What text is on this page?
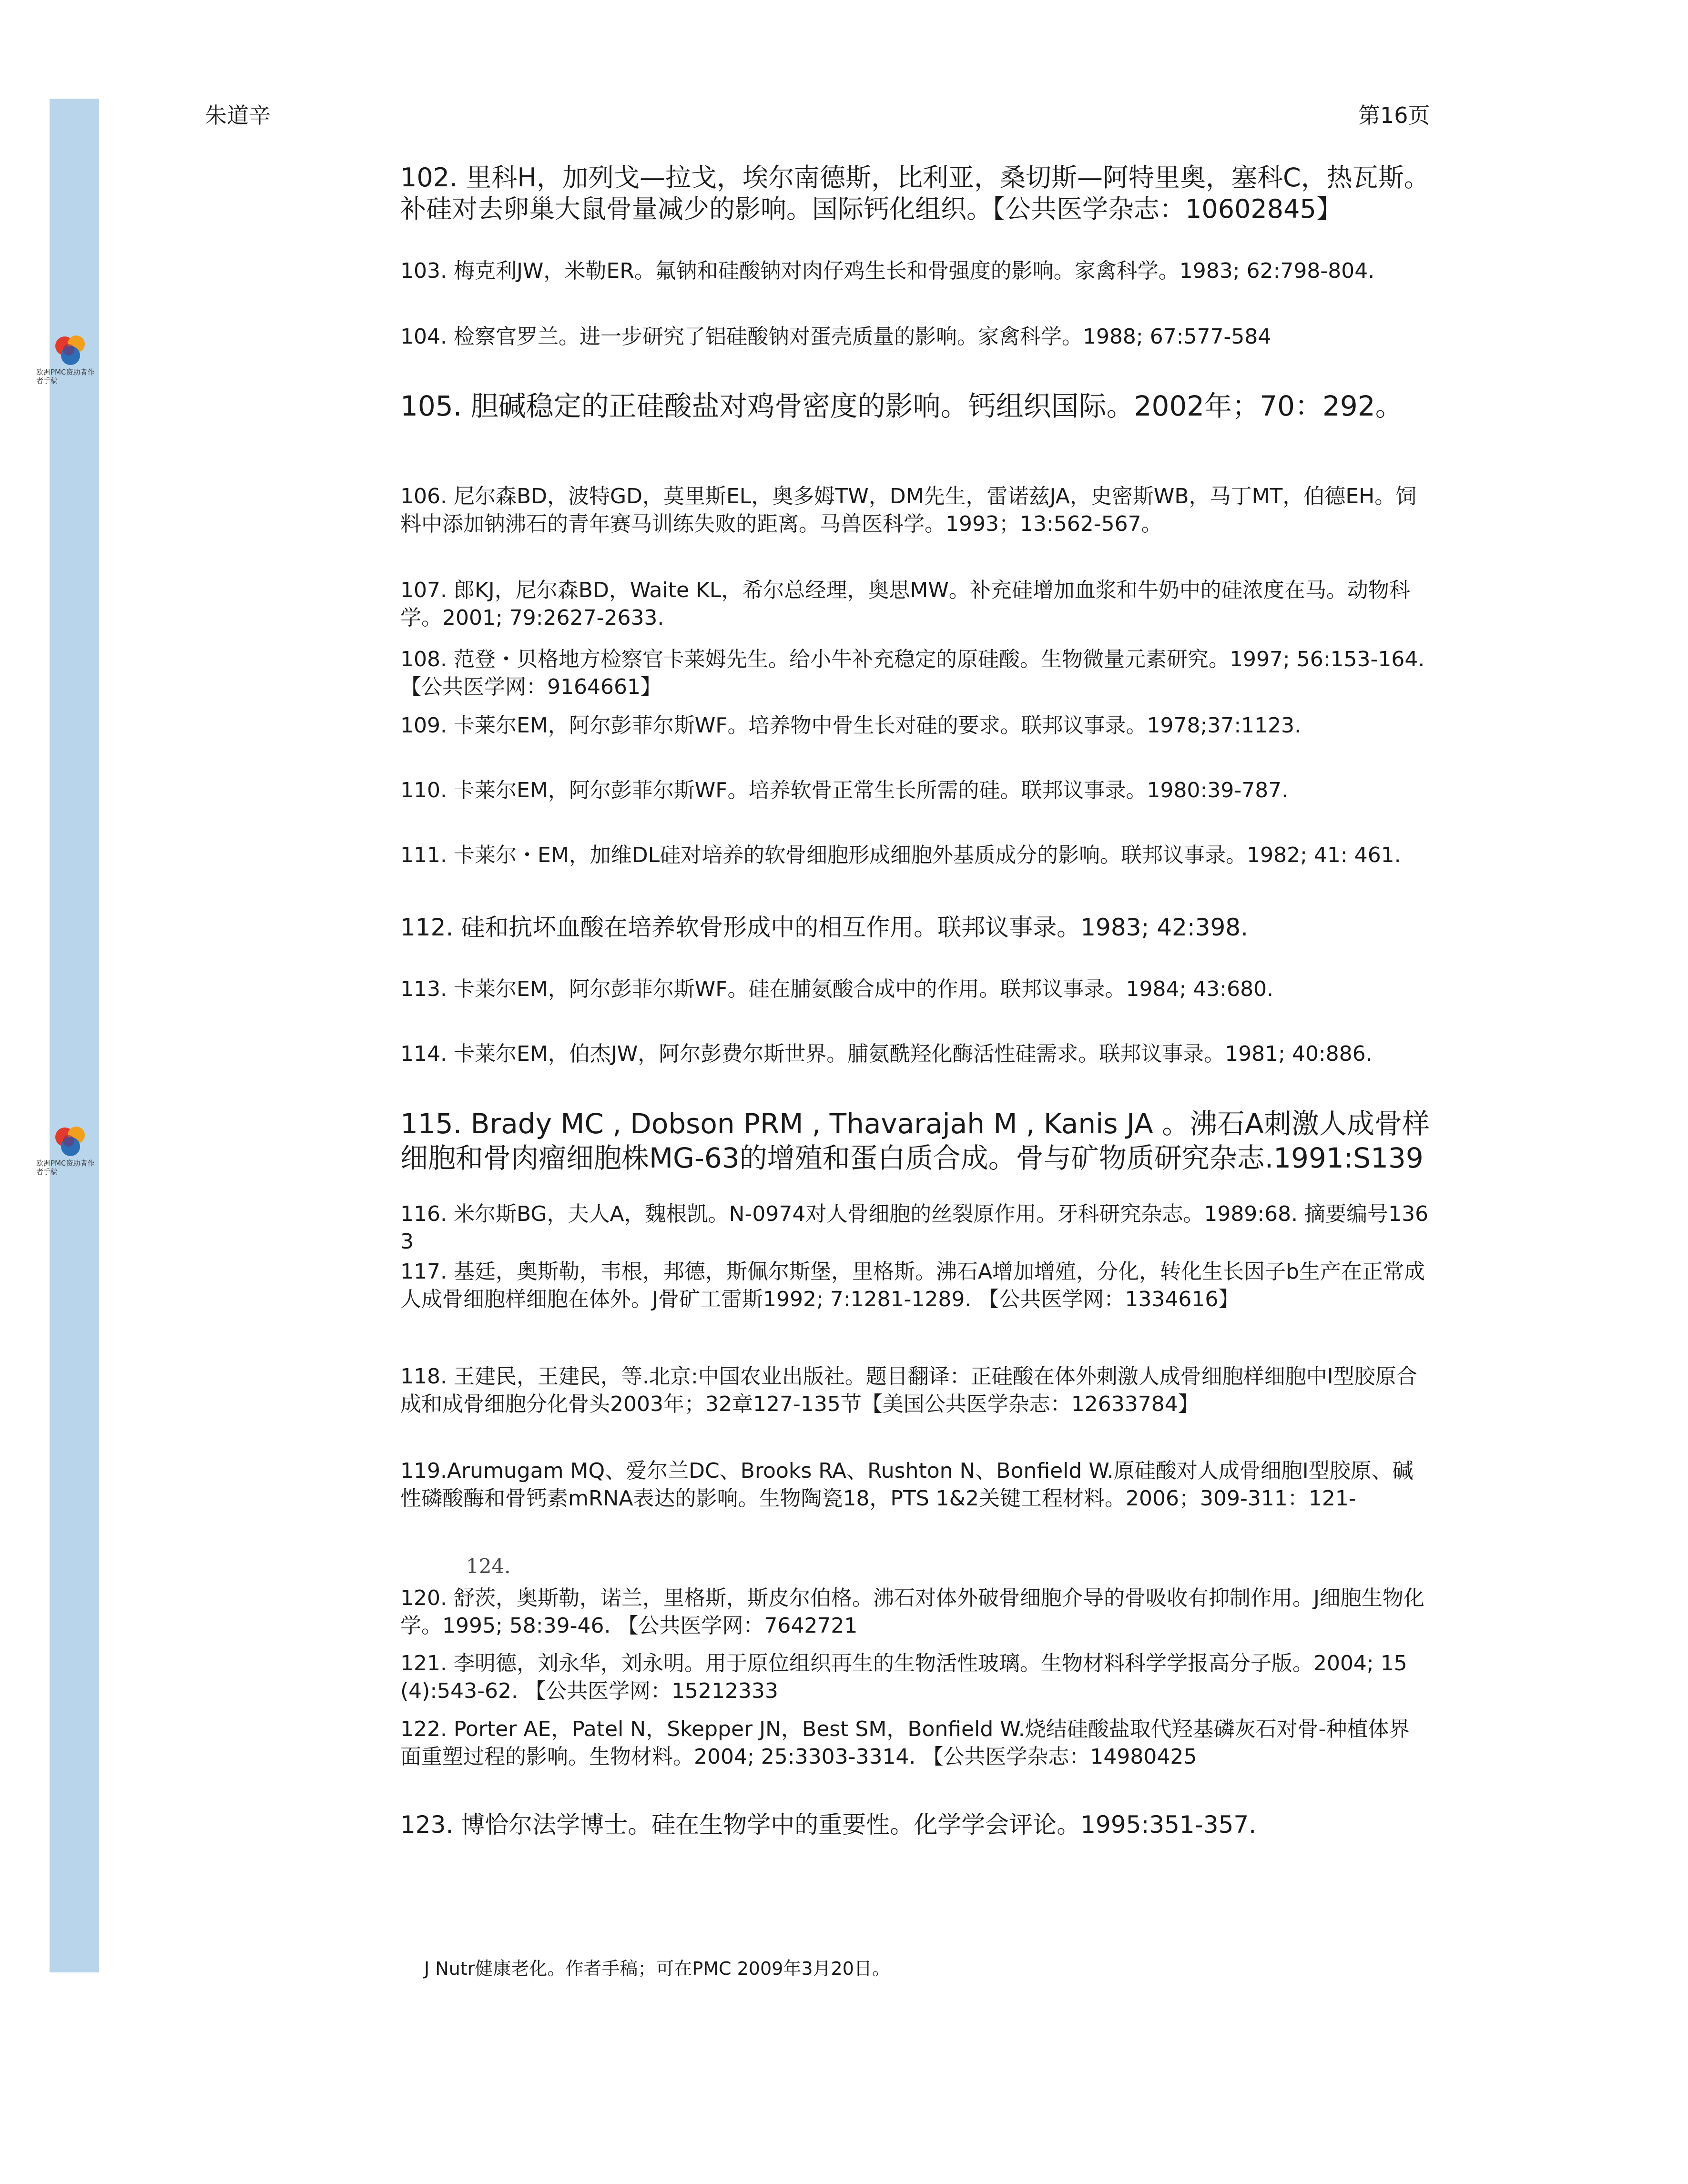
欧洲PMC资助者作者手稿
欧洲PMC资助者作者手稿
朱道辛	第16页

102. 里科H，加列戈—拉戈，埃尔南德斯，比利亚，桑切斯—阿特里奥，塞科C，热瓦斯。补硅对去卵巢大鼠骨量减少的影响。国际钙化组织。【公共医学杂志：10602845】

103. 梅克利JW，米勒ER。氟钠和硅酸钠对肉仔鸡生长和骨强度的影响。家禽科学。1983; 62:798-804.

104. 检察官罗兰。进一步研究了铝硅酸钠对蛋壳质量的影响。家禽科学。1988; 67:577-584

105. 胆碱稳定的正硅酸盐对鸡骨密度的影响。钙组织国际。2002年；70：292。

106. 尼尔森BD，波特GD，莫里斯EL，奥多姆TW，DM先生，雷诺兹JA，史密斯WB，马丁MT，伯德EH。饲料中添加钠沸石的青年赛马训练失败的距离。马兽医科学。1993；13:562-567。

107. 郎KJ，尼尔森BD，Waite KL，希尔总经理，奥思MW。补充硅增加血浆和牛奶中的硅浓度在马。动物科学。2001; 79:2627-2633.

108. 范登・贝格地方检察官卡莱姆先生。给小牛补充稳定的原硅酸。生物微量元素研究。1997; 56:153-164. 【公共医学网：9164661】

109. 卡莱尔EM，阿尔彭菲尔斯WF。培养物中骨生长对硅的要求。联邦议事录。1978;37:1123.

110. 卡莱尔EM，阿尔彭菲尔斯WF。培养软骨正常生长所需的硅。联邦议事录。1980:39-787.

111. 卡莱尔・EM，加维DL硅对培养的软骨细胞形成细胞外基质成分的影响。联邦议事录。1982; 41: 461.

112. 硅和抗坏血酸在培养软骨形成中的相互作用。联邦议事录。1983; 42:398.

113. 卡莱尔EM，阿尔彭菲尔斯WF。硅在脯氨酸合成中的作用。联邦议事录。1984; 43:680.

114. 卡莱尔EM，伯杰JW，阿尔彭费尔斯世界。脯氨酰羟化酶活性硅需求。联邦议事录。1981; 40:886.

115. Brady MC , Dobson PRM , Thavarajah M , Kanis JA 。沸石A刺激人成骨样细胞和骨肉瘤细胞株MG-63的增殖和蛋白质合成。骨与矿物质研究杂志.1991:S139

116. 米尔斯BG，夫人A，魏根凯。N-0974对人骨细胞的丝裂原作用。牙科研究杂志。1989:68. 摘要编号1363

117. 基廷，奥斯勒，韦根，邦德，斯佩尔斯堡，里格斯。沸石A增加增殖，分化，转化生长因子b生产在正常成人成骨细胞样细胞在体外。J骨矿工雷斯1992; 7:1281-1289. 【公共医学网：1334616】

118. 王建民，王建民，等.北京:中国农业出版社。题目翻译：正硅酸在体外刺激人成骨细胞样细胞中I型胶原合成和成骨细胞分化骨头2003年；32章127-135节【美国公共医学杂志：12633784】

119.Arumugam MQ、爱尔兰DC、Brooks RA、Rushton N、Bonfield W.原硅酸对人成骨细胞Ⅰ型胶原、碱性磷酸酶和骨钙素mRNA表达的影响。生物陶瓷18，PTS 1&2关键工程材料。2006；309-311：121-

124.

120. 舒茨，奥斯勒，诺兰，里格斯，斯皮尔伯格。沸石对体外破骨细胞介导的骨吸收有抑制作用。J细胞生物化学。1995; 58:39-46. 【公共医学网：7642721

121. 李明德，刘永华，刘永明。用于原位组织再生的生物活性玻璃。生物材料科学学报高分子版。2004; 15(4):543-62. 【公共医学网：15212333

122. Porter AE，Patel N，Skepper JN，Best SM，Bonfield W.烧结硅酸盐取代羟基磷灰石对骨-种植体界面重塑过程的影响。生物材料。2004; 25:3303-3314. 【公共医学杂志：14980425

123. 博恰尔法学博士。硅在生物学中的重要性。化学学会评论。1995:351-357.

J Nutr健康老化。作者手稿；可在PMC 2009年3月20日。
